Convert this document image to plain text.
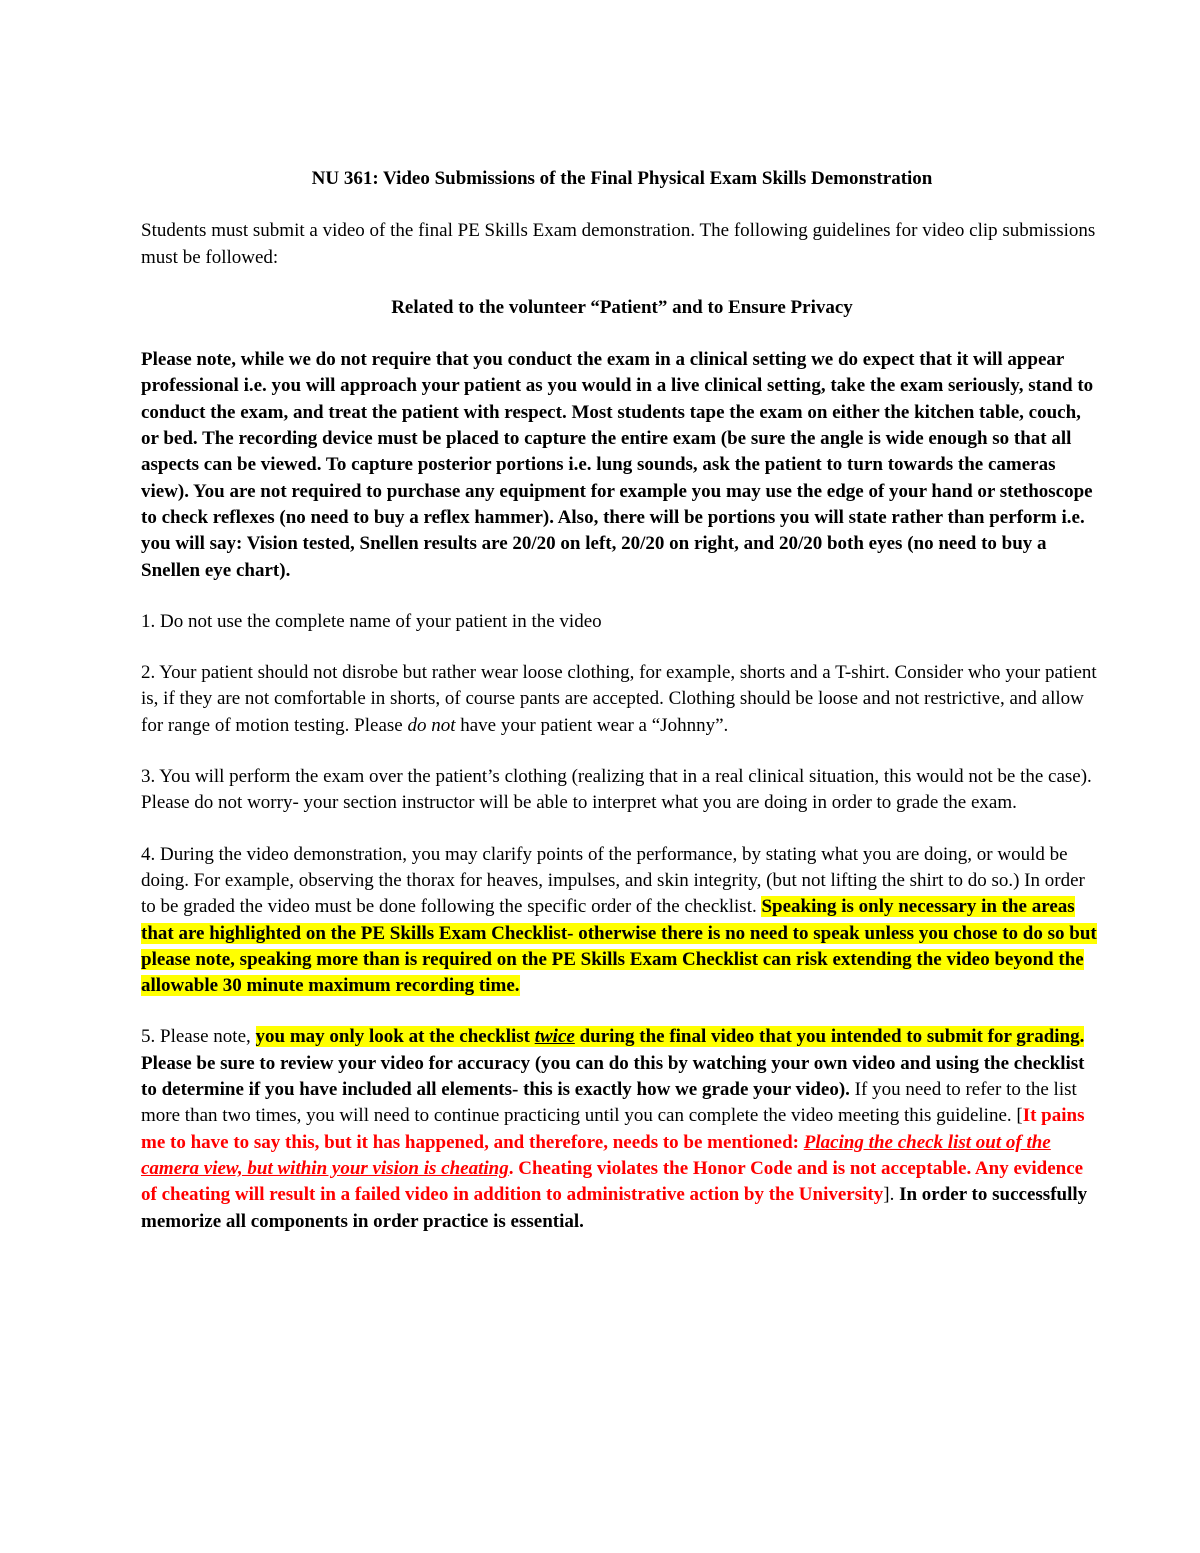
NU 361: Video Submissions of the Final Physical Exam Skills Demonstration

Students must submit a video of the final PE Skills Exam demonstration. The following guidelines for video clip submissions must be followed:

Related to the volunteer “Patient” and to Ensure Privacy

Please note, while we do not require that you conduct the exam in a clinical setting we do expect that it will appear professional i.e. you will approach your patient as you would in a live clinical setting, take the exam seriously, stand to conduct the exam, and treat the patient with respect. Most students tape the exam on either the kitchen table, couch, or bed. The recording device must be placed to capture the entire exam (be sure the angle is wide enough so that all aspects can be viewed. To capture posterior portions i.e. lung sounds, ask the patient to turn towards the cameras view). You are not required to purchase any equipment for example you may use the edge of your hand or stethoscope to check reflexes (no need to buy a reflex hammer). Also, there will be portions you will state rather than perform i.e. you will say: Vision tested, Snellen results are 20/20 on left, 20/20 on right, and 20/20 both eyes (no need to buy a Snellen eye chart).

1. Do not use the complete name of your patient in the video

2. Your patient should not disrobe but rather wear loose clothing, for example, shorts and a T-shirt. Consider who your patient is, if they are not comfortable in shorts, of course pants are accepted. Clothing should be loose and not restrictive, and allow for range of motion testing. Please do not have your patient wear a “Johnny”.

3. You will perform the exam over the patient’s clothing (realizing that in a real clinical situation, this would not be the case). Please do not worry- your section instructor will be able to interpret what you are doing in order to grade the exam.

4. During the video demonstration, you may clarify points of the performance, by stating what you are doing, or would be doing. For example, observing the thorax for heaves, impulses, and skin integrity, (but not lifting the shirt to do so.) In order to be graded the video must be done following the specific order of the checklist. Speaking is only necessary in the areas that are highlighted on the PE Skills Exam Checklist- otherwise there is no need to speak unless you chose to do so but please note, speaking more than is required on the PE Skills Exam Checklist can risk extending the video beyond the allowable 30 minute maximum recording time.

5. Please note, you may only look at the checklist twice during the final video that you intended to submit for grading. Please be sure to review your video for accuracy (you can do this by watching your own video and using the checklist to determine if you have included all elements- this is exactly how we grade your video). If you need to refer to the list more than two times, you will need to continue practicing until you can complete the video meeting this guideline. [It pains me to have to say this, but it has happened, and therefore, needs to be mentioned: Placing the check list out of the camera view, but within your vision is cheating. Cheating violates the Honor Code and is not acceptable. Any evidence of cheating will result in a failed video in addition to administrative action by the University]. In order to successfully memorize all components in order practice is essential.
